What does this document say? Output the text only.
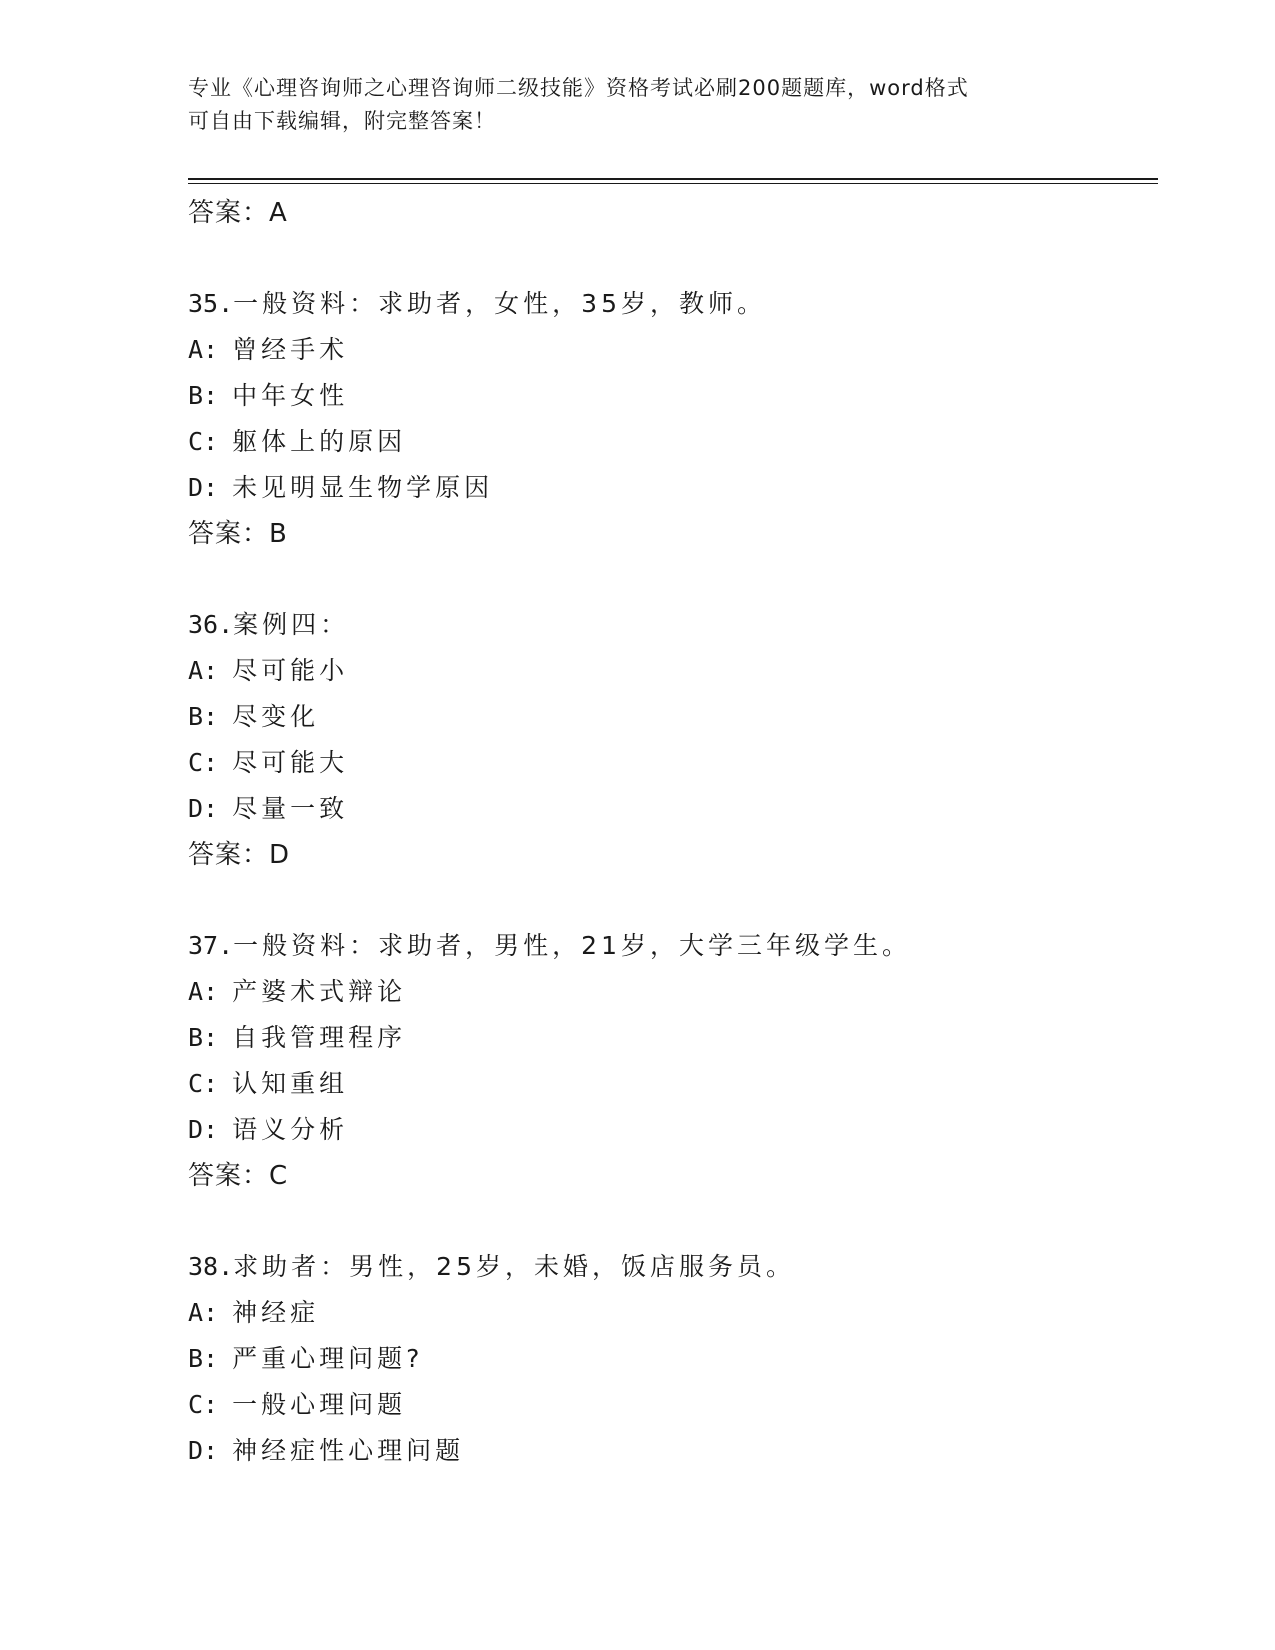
专业《心理咨询师之心理咨询师二级技能》资格考试必刷200题题库，word格式
可自由下载编辑，附完整答案！
答案：A
35.一般资料：求助者，女性，35岁，教师。
A: 曾经手术
B: 中年女性
C: 躯体上的原因
D: 未见明显生物学原因
答案：B
36.案例四：
A: 尽可能小
B: 尽变化
C: 尽可能大
D: 尽量一致
答案：D
37.一般资料：求助者，男性，21岁，大学三年级学生。
A: 产婆术式辩论
B: 自我管理程序
C: 认知重组
D: 语义分析
答案：C
38.求助者：男性，25岁，未婚，饭店服务员。
A: 神经症
B: 严重心理问题?
C: 一般心理问题
D: 神经症性心理问题
